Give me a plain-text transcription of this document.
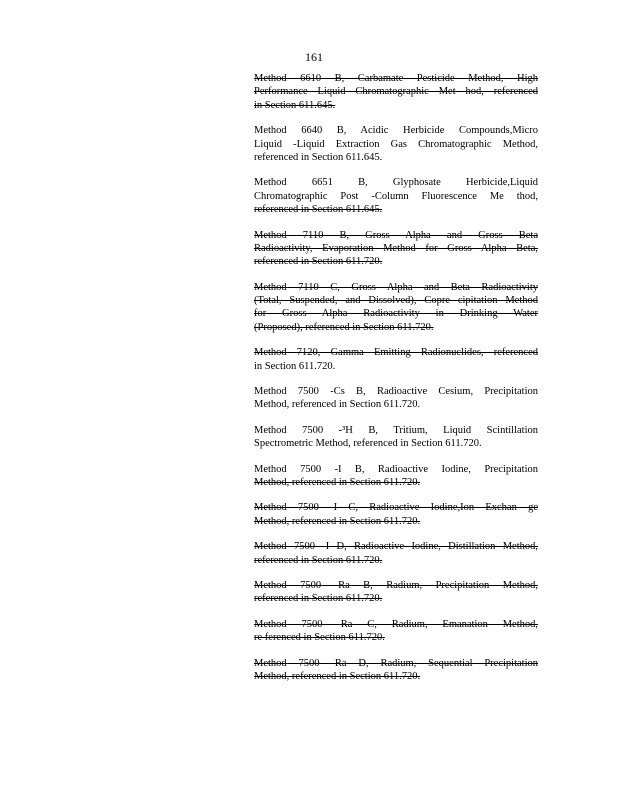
161
Method 6610 B, Carbamate Pesticide Method, High
Performance Liquid Chromatographic Met hod, referenced
in Section 611.645.
Method 6640 B, Acidic Herbicide Compounds,Micro
Liquid -Liquid Extraction Gas Chromatographic Method,
referenced in Section 611.645.
Method 6651 B, Glyphosate Herbicide,Liquid
Chromatographic Post -Column Fluorescence Me thod,
referenced in Section 611.645.
Method 7110 B, Gross Alpha and Gross Beta
Radioactivity, Evaporation Method for Gross Alpha Beta,
referenced in Section 611.720.
Method 7110 C, Gross Alpha and Beta Radioactivity
(Total, Suspended, and Dissolved), Copre cipitation Method
for Gross Alpha Radioactivity in Drinking Water
(Proposed), referenced in Section 611.720.
Method 7120, Gamma Emitting Radionuclides, referenced
in Section 611.720.
Method 7500 -Cs B, Radioactive Cesium, Precipitation
Method, referenced in Section 611.720.
Method 7500 -³H B, Tritium, Liquid Scintillation
Spectrometric Method, referenced in Section 611.720.
Method 7500 -I B, Radioactive Iodine, Precipitation
Method, referenced in Section 611.720.
Method 7500 -I C, Radioactive Iodine,Ion Exchan ge
Method, referenced in Section 611.720.
Method 7500 -I D, Radioactive Iodine, Distillation Method,
referenced in Section 611.720.
Method 7500 -Ra B, Radium, Precipitation Method,
referenced in Section 611.720.
Method 7500 -Ra C, Radium, Emanation Method,
re ferenced in Section 611.720.
Method 7500 -Ra D, Radium, Sequential Precipitation
Method, referenced in Section 611.720.
